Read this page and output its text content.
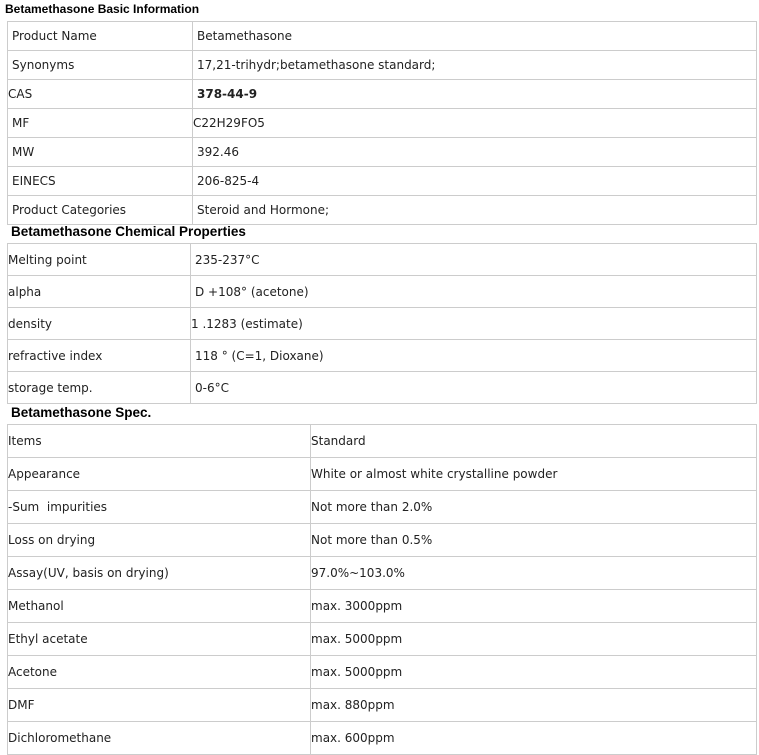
Betamethasone Basic Information
Product Name	Betamethasone
Synonyms	17,21-trihydr;betamethasone standard;
CAS	378-44-9
MF	C22H29FO5
MW	392.46
EINECS	206-825-4
Product Categories	Steroid and Hormone;
Betamethasone Chemical Properties
Melting point	235-237°C
alpha	D +108° (acetone)
density	1 .1283 (estimate)
refractive index	118 ° (C=1, Dioxane)
storage temp.	0-6°C
Betamethasone Spec.
Items	Standard
Appearance	White or almost white crystalline powder
-Sum  impurities	Not more than 2.0%
Loss on drying	Not more than 0.5%
Assay(UV, basis on drying)	97.0%~103.0%
Methanol	max. 3000ppm
Ethyl acetate	max. 5000ppm
Acetone	max. 5000ppm
DMF	max. 880ppm
Dichloromethane	max. 600ppm
